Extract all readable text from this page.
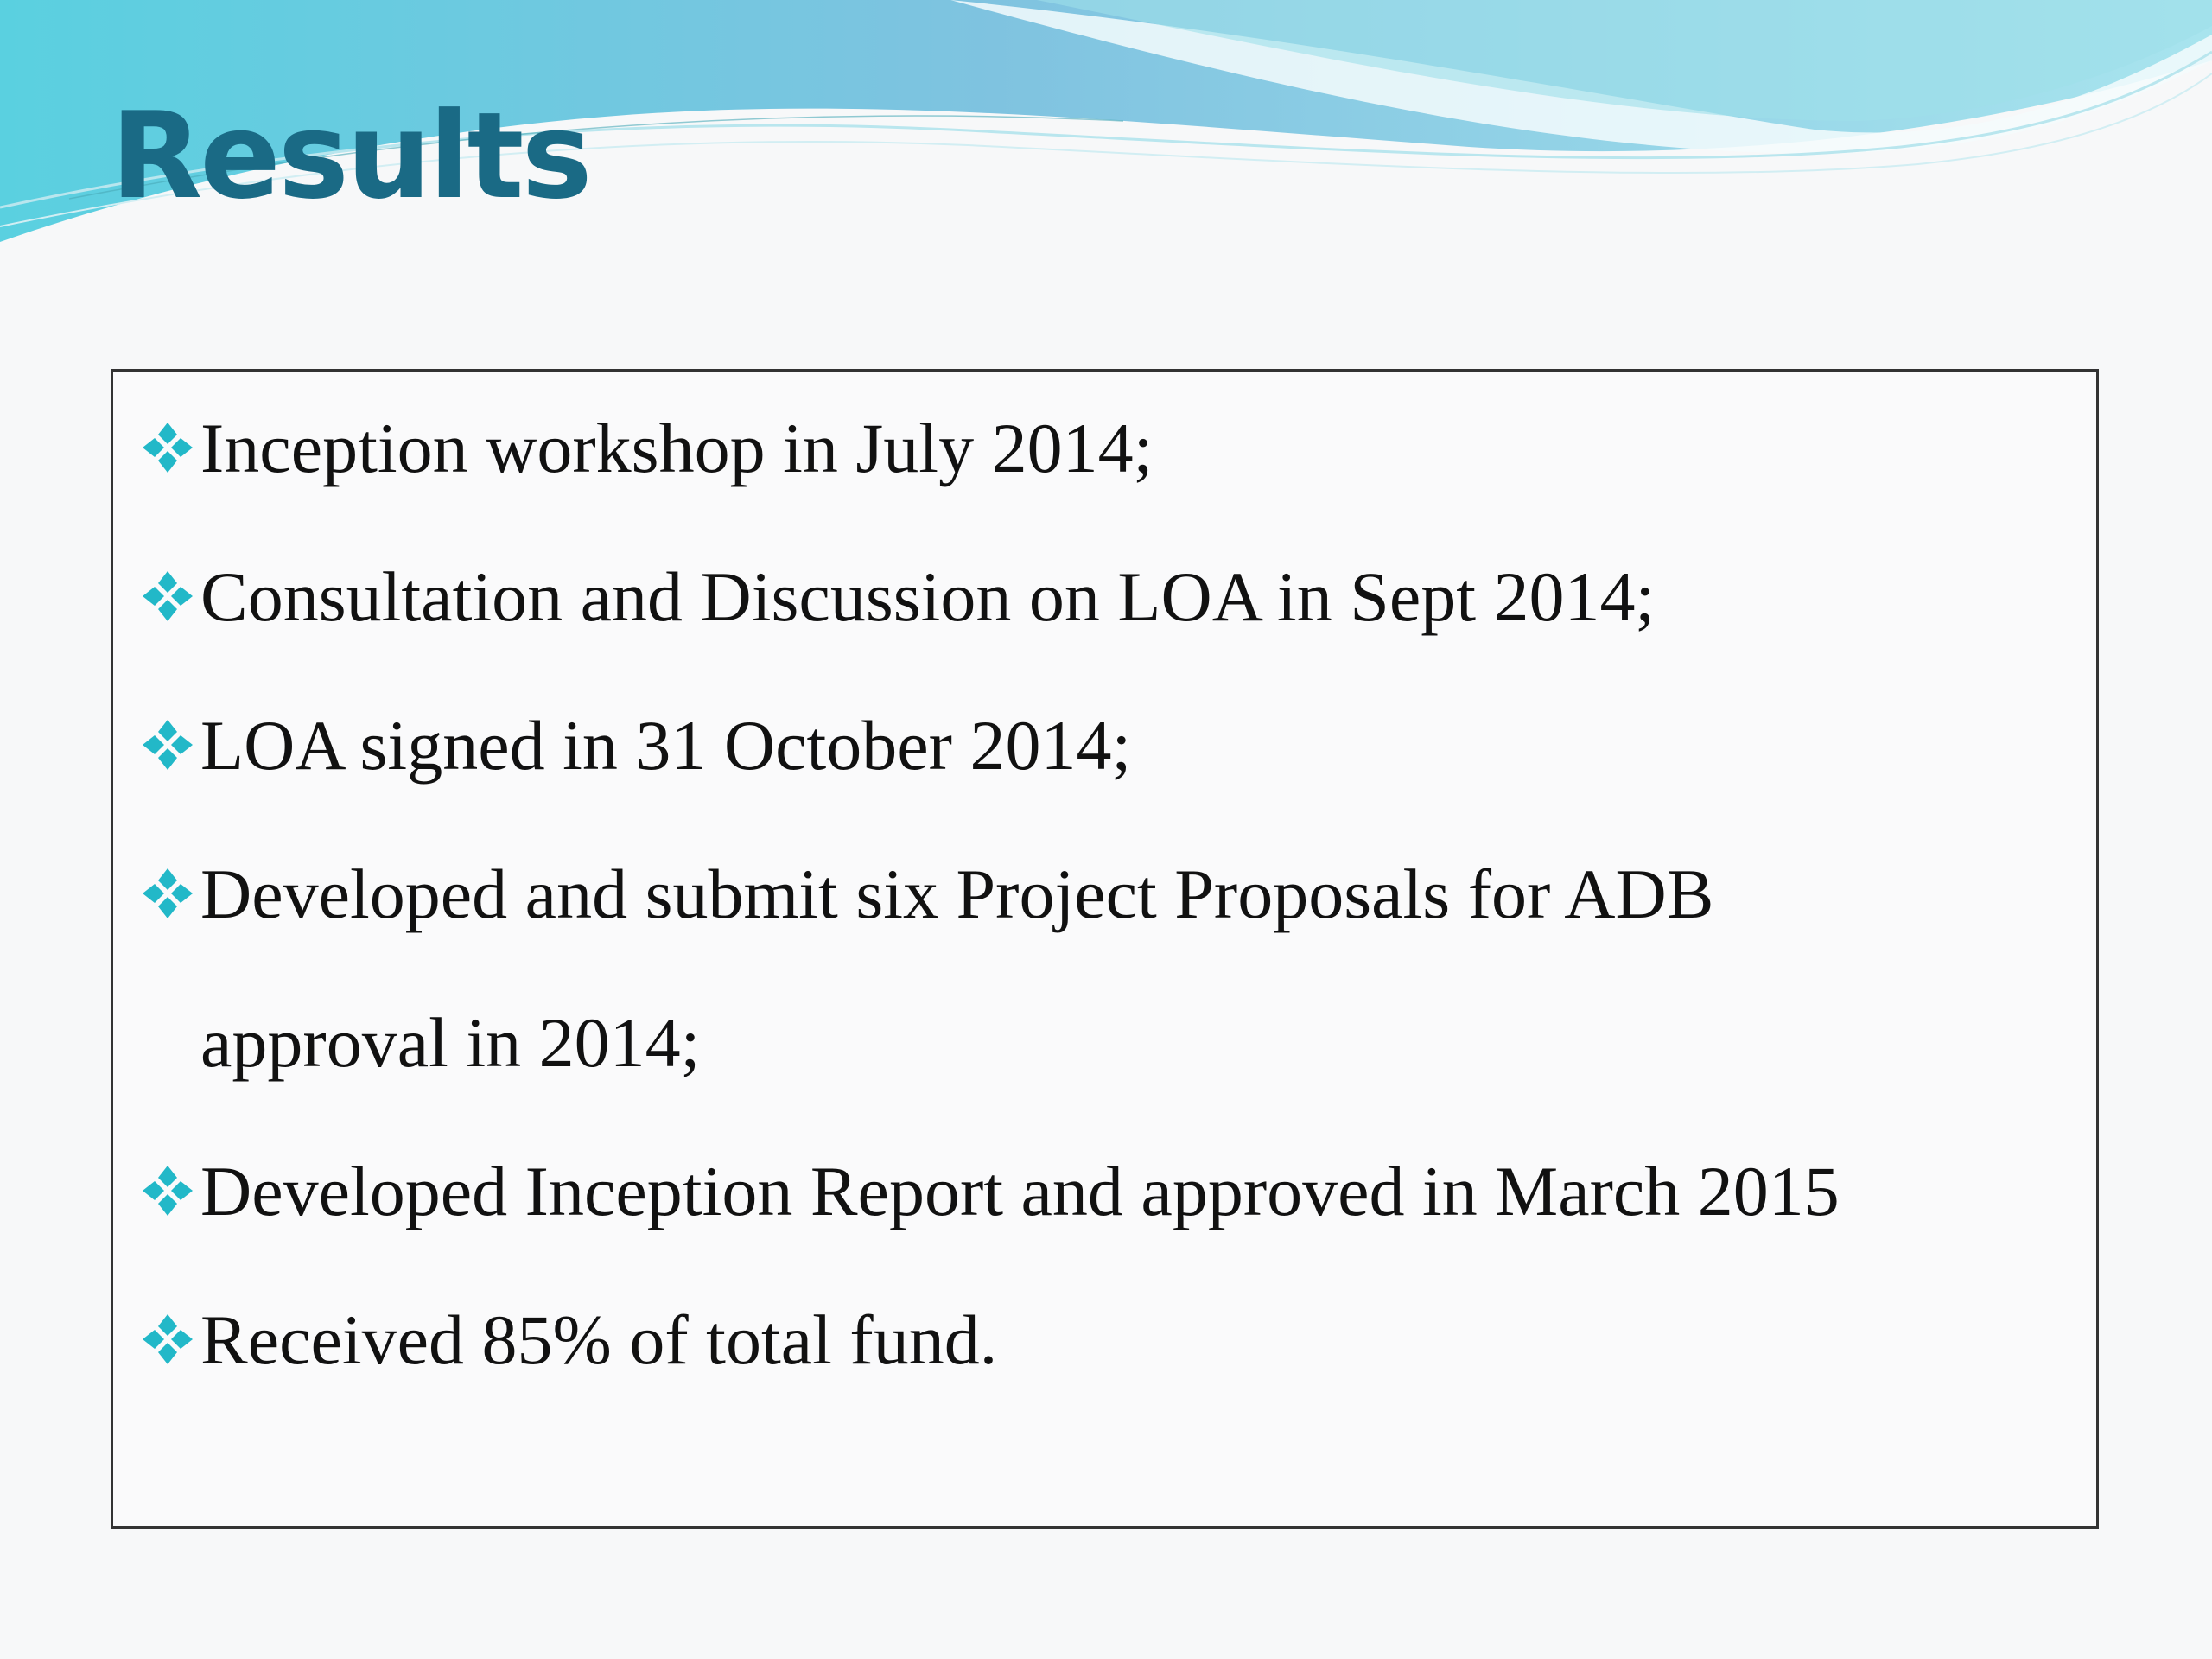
Results
Inception workshop in July 2014;
Consultation and Discussion on LOA in Sept 2014;
LOA signed in 31 October 2014;
Developed and submit six Project Proposals for ADB approval in 2014;
Developed Inception Report and approved in March 2015
Received 85% of total fund.
